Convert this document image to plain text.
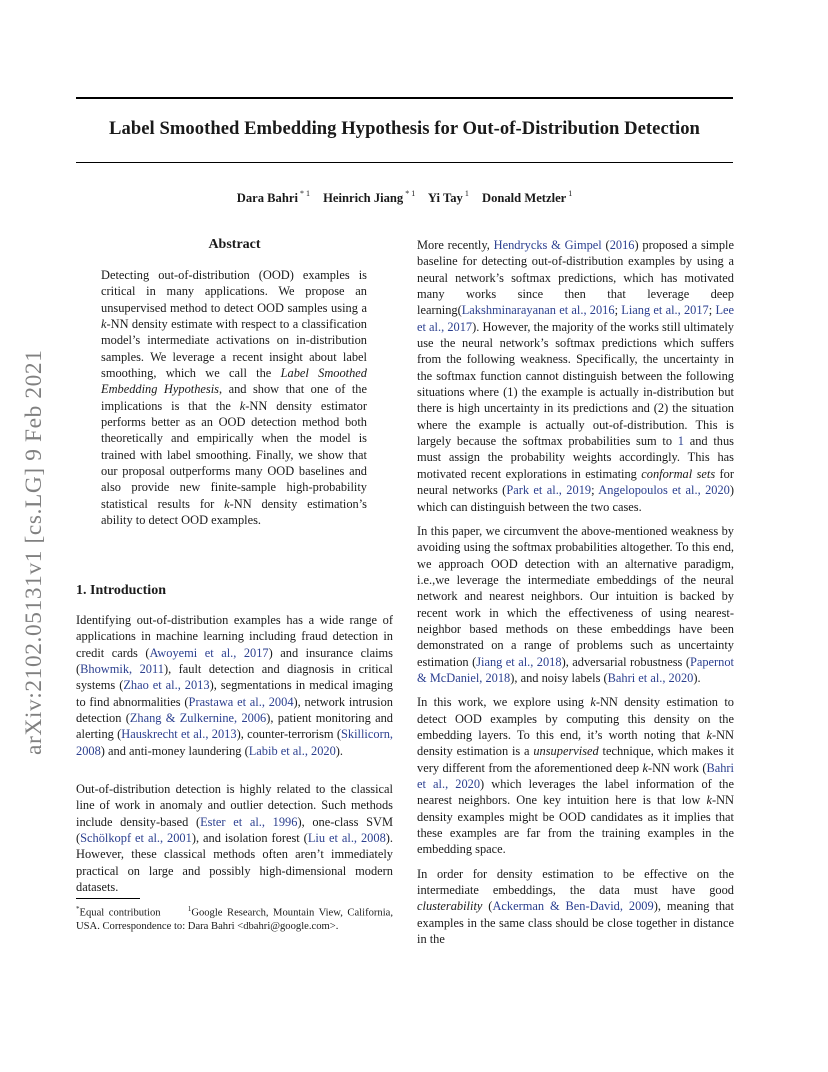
Label Smoothed Embedding Hypothesis for Out-of-Distribution Detection
Dara Bahri $^{* 1}$ Heinrich Jiang $^{* 1}$ Yi Tay $^1$ Donald Metzler $^1$
arXiv:2102.05131v1 [cs.LG] 9 Feb 2021
Abstract
Detecting out-of-distribution (OOD) examples is critical in many applications. We propose an unsupervised method to detect OOD samples using a k-NN density estimate with respect to a classification model’s intermediate activations on in-distribution samples. We leverage a recent insight about label smoothing, which we call the Label Smoothed Embedding Hypothesis, and show that one of the implications is that the k-NN density estimator performs better as an OOD detection method both theoretically and empirically when the model is trained with label smoothing. Finally, we show that our proposal outperforms many OOD baselines and also provide new finite-sample high-probability statistical results for k-NN density estimation’s ability to detect OOD examples.
1. Introduction
Identifying out-of-distribution examples has a wide range of applications in machine learning including fraud detection in credit cards (Awoyemi et al., 2017) and insurance claims (Bhowmik, 2011), fault detection and diagnosis in critical systems (Zhao et al., 2013), segmentations in medical imaging to find abnormalities (Prastawa et al., 2004), network intrusion detection (Zhang & Zulkernine, 2006), patient monitoring and alerting (Hauskrecht et al., 2013), counter-terrorism (Skillicorn, 2008) and anti-money laundering (Labib et al., 2020).
Out-of-distribution detection is highly related to the classical line of work in anomaly and outlier detection. Such methods include density-based (Ester et al., 1996), one-class SVM (Schölkopf et al., 2001), and isolation forest (Liu et al., 2008). However, these classical methods often aren’t immediately practical on large and possibly high-dimensional modern datasets.
*Equal contribution	$^1$Google Research, Mountain View, California, USA. Correspondence to: Dara Bahri <dbahri@google.com>.

More recently, Hendrycks & Gimpel (2016) proposed a simple baseline for detecting out-of-distribution examples by using a neural network’s softmax predictions, which has motivated many works since then that leverage deep learning(Lakshminarayanan et al., 2016; Liang et al., 2017; Lee et al., 2017). However, the majority of the works still ultimately use the neural network’s softmax predictions which suffers from the following weakness. Specifically, the uncertainty in the softmax function cannot distinguish between the following situations where (1) the example is actually in-distribution but there is high uncertainty in its predictions and (2) the situation where the example is actually out-of-distribution. This is largely because the softmax probabilities sum to 1 and thus must assign the probability weights accordingly. This has motivated recent explorations in estimating conformal sets for neural networks (Park et al., 2019; Angelopoulos et al., 2020) which can distinguish between the two cases.

In this paper, we circumvent the above-mentioned weakness by avoiding using the softmax probabilities altogether. To this end, we approach OOD detection with an alternative paradigm, i.e.,we leverage the intermediate embeddings of the neural network and nearest neighbors. Our intuition is backed by recent work in which the effectiveness of using nearest-neighbor based methods on these embeddings have been demonstrated on a range of problems such as uncertainty estimation (Jiang et al., 2018), adversarial robustness (Papernot & McDaniel, 2018), and noisy labels (Bahri et al., 2020).

In this work, we explore using k-NN density estimation to detect OOD examples by computing this density on the embedding layers. To this end, it’s worth noting that k-NN density estimation is a unsupervised technique, which makes it very different from the aforementioned deep k-NN work (Bahri et al., 2020) which leverages the label information of the nearest neighbors. One key intuition here is that low k-NN density examples might be OOD candidates as it implies that these examples are far from the training examples in the embedding space.

In order for density estimation to be effective on the intermediate embeddings, the data must have good clusterability (Ackerman & Ben-David, 2009), meaning that examples in the same class should be close together in distance in the
